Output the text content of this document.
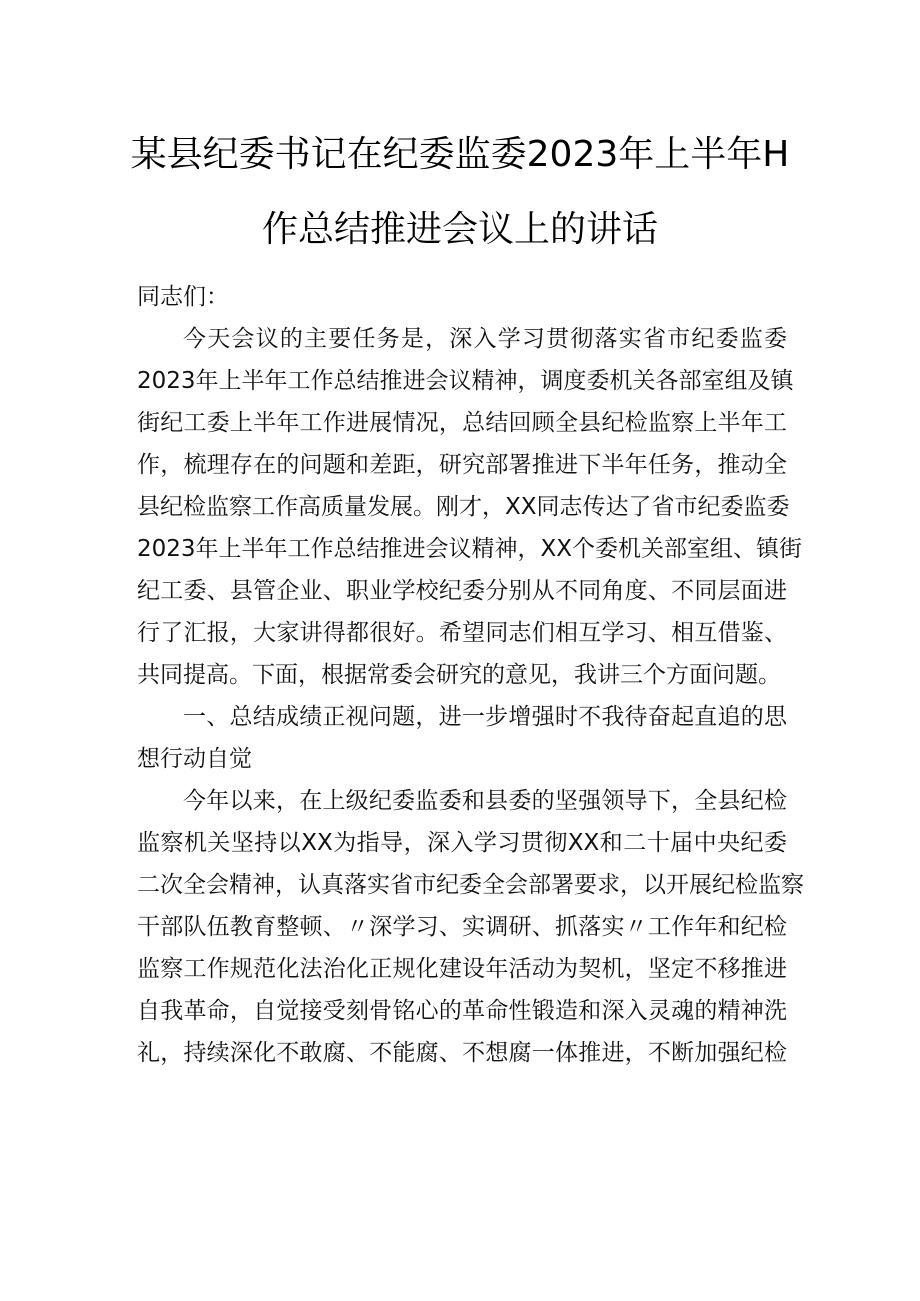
某县纪委书记在纪委监委2023年上半年H
作总结推进会议上的讲话
同志们：
今天会议的主要任务是，深入学习贯彻落实省市纪委监委
2023年上半年工作总结推进会议精神，调度委机关各部室组及镇
街纪工委上半年工作进展情况，总结回顾全县纪检监察上半年工
作，梳理存在的问题和差距，研究部署推进下半年任务，推动全
县纪检监察工作高质量发展。刚才，XX同志传达了省市纪委监委
2023年上半年工作总结推进会议精神，XX个委机关部室组、镇街
纪工委、县管企业、职业学校纪委分别从不同角度、不同层面进
行了汇报，大家讲得都很好。希望同志们相互学习、相互借鉴、
共同提高。下面，根据常委会研究的意见，我讲三个方面问题。
一、总结成绩正视问题，进一步增强时不我待奋起直追的思
想行动自觉
今年以来，在上级纪委监委和县委的坚强领导下，全县纪检
监察机关坚持以XX为指导，深入学习贯彻XX和二十届中央纪委
二次全会精神，认真落实省市纪委全会部署要求，以开展纪检监察
干部队伍教育整顿、〃深学习、实调研、抓落实〃工作年和纪检
监察工作规范化法治化正规化建设年活动为契机，坚定不移推进
自我革命，自觉接受刻骨铭心的革命性锻造和深入灵魂的精神洗
礼，持续深化不敢腐、不能腐、不想腐一体推进，不断加强纪检
